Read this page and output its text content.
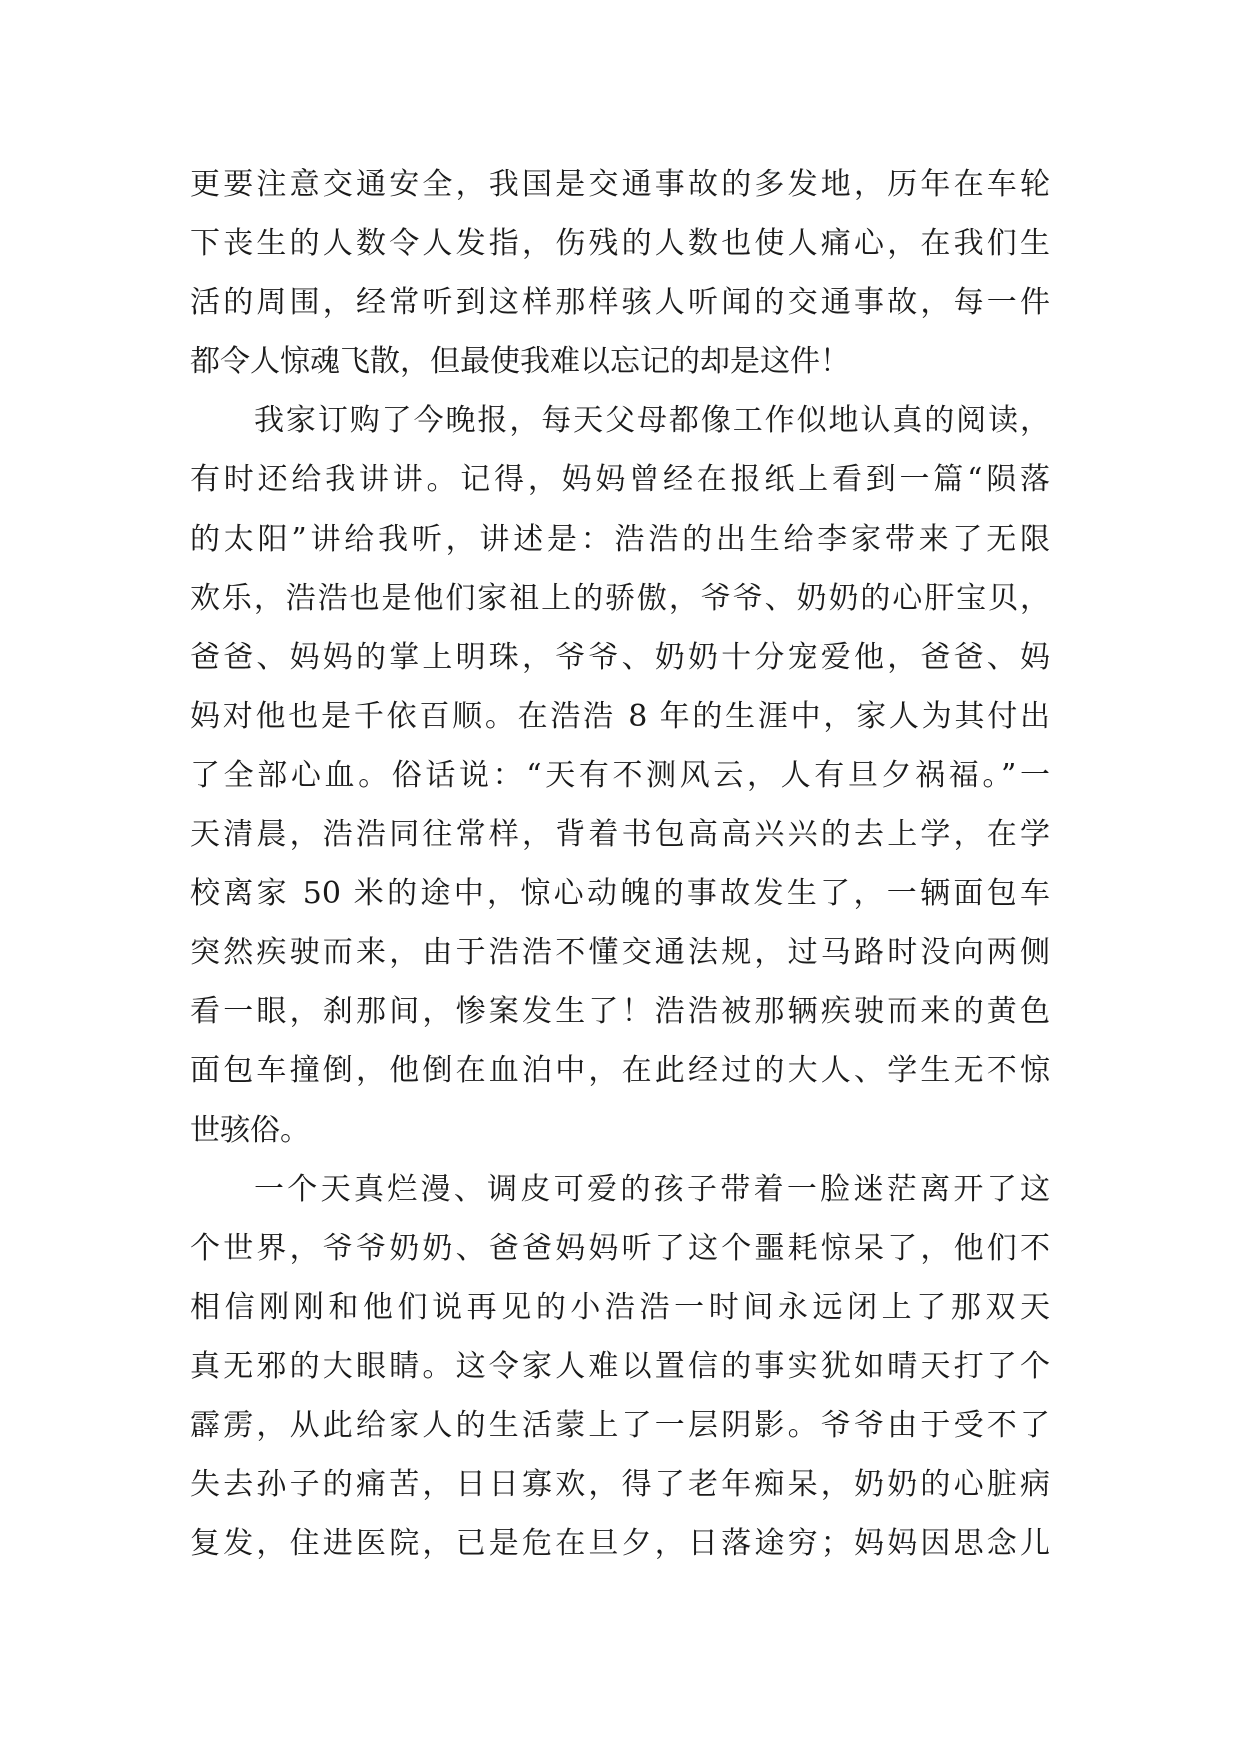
更要注意交通安全，我国是交通事故的多发地，历年在车轮
下丧生的人数令人发指，伤残的人数也使人痛心，在我们生
活的周围，经常听到这样那样骇人听闻的交通事故，每一件
都令人惊魂飞散，但最使我难以忘记的却是这件！
我家订购了今晚报，每天父母都像工作似地认真的阅读，
有时还给我讲讲。记得，妈妈曾经在报纸上看到一篇“陨落
的太阳”讲给我听，讲述是：浩浩的出生给李家带来了无限
欢乐，浩浩也是他们家祖上的骄傲，爷爷、奶奶的心肝宝贝，
爸爸、妈妈的掌上明珠，爷爷、奶奶十分宠爱他，爸爸、妈
妈对他也是千依百顺。在浩浩 8 年的生涯中，家人为其付出
了全部心血。俗话说：“天有不测风云，人有旦夕祸福。”一
天清晨，浩浩同往常样，背着书包高高兴兴的去上学，在学
校离家 50 米的途中，惊心动魄的事故发生了，一辆面包车
突然疾驶而来，由于浩浩不懂交通法规，过马路时没向两侧
看一眼，刹那间，惨案发生了！浩浩被那辆疾驶而来的黄色
面包车撞倒，他倒在血泊中，在此经过的大人、学生无不惊
世骇俗。
一个天真烂漫、调皮可爱的孩子带着一脸迷茫离开了这
个世界，爷爷奶奶、爸爸妈妈听了这个噩耗惊呆了，他们不
相信刚刚和他们说再见的小浩浩一时间永远闭上了那双天
真无邪的大眼睛。这令家人难以置信的事实犹如晴天打了个
霹雳，从此给家人的生活蒙上了一层阴影。爷爷由于受不了
失去孙子的痛苦，日日寡欢，得了老年痴呆，奶奶的心脏病
复发，住进医院，已是危在旦夕，日落途穷；妈妈因思念儿
